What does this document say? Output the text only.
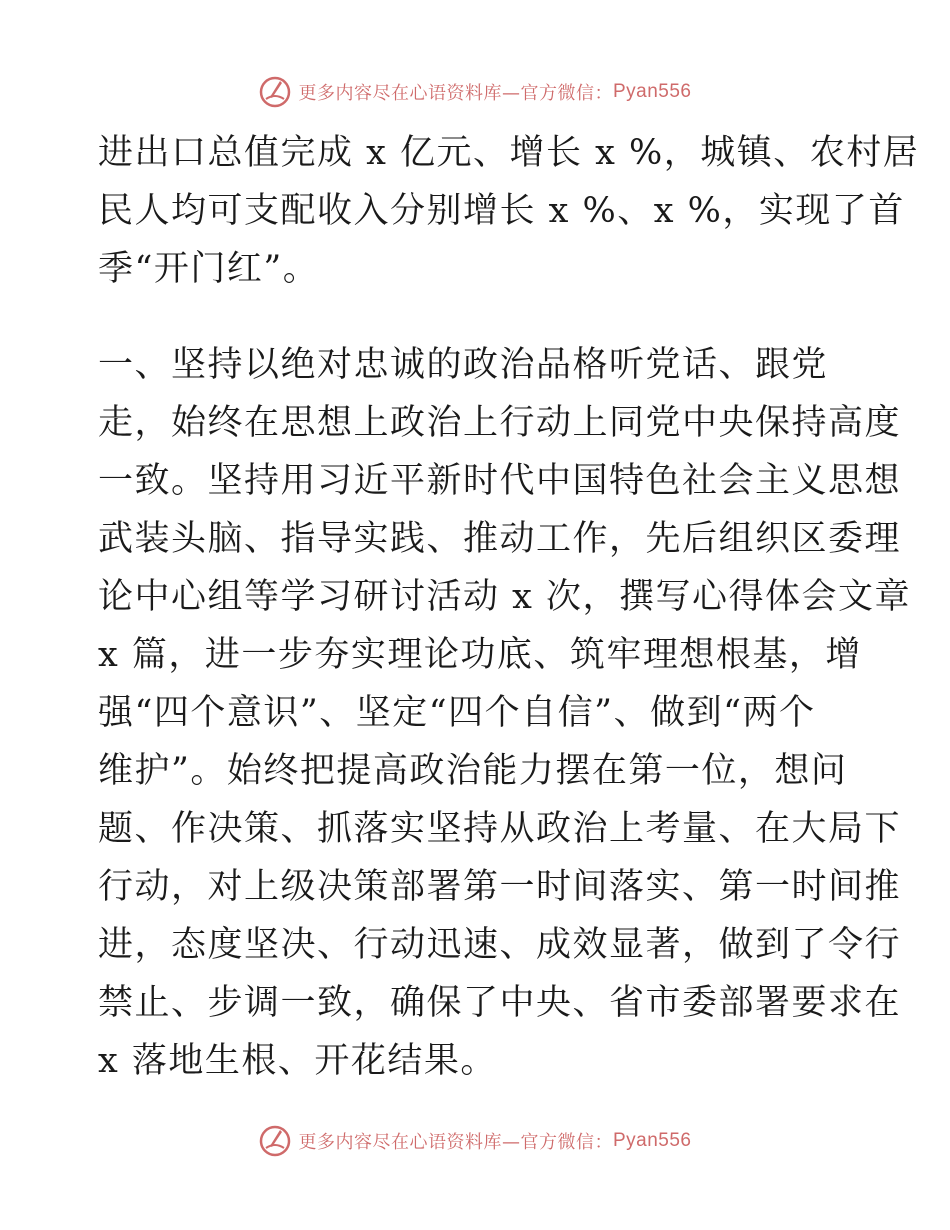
更多内容尽在心语资料库—官方微信： Pyan556
进出口总值完成 x 亿元、增长 x %，城镇、农村居
民人均可支配收入分别增长 x %、x %，实现了首
季“开门红”。
一、坚持以绝对忠诚的政治品格听党话、跟党
走，始终在思想上政治上行动上同党中央保持高度
一致。坚持用习近平新时代中国特色社会主义思想
武装头脑、指导实践、推动工作，先后组织区委理
论中心组等学习研讨活动 x 次，撰写心得体会文章
x 篇，进一步夯实理论功底、筑牢理想根基，增
强“四个意识”、坚定“四个自信”、做到“两个
维护”。始终把提高政治能力摆在第一位，想问
题、作决策、抓落实坚持从政治上考量、在大局下
行动，对上级决策部署第一时间落实、第一时间推
进，态度坚决、行动迅速、成效显著，做到了令行
禁止、步调一致，确保了中央、省市委部署要求在
x 落地生根、开花结果。
更多内容尽在心语资料库—官方微信： Pyan556
